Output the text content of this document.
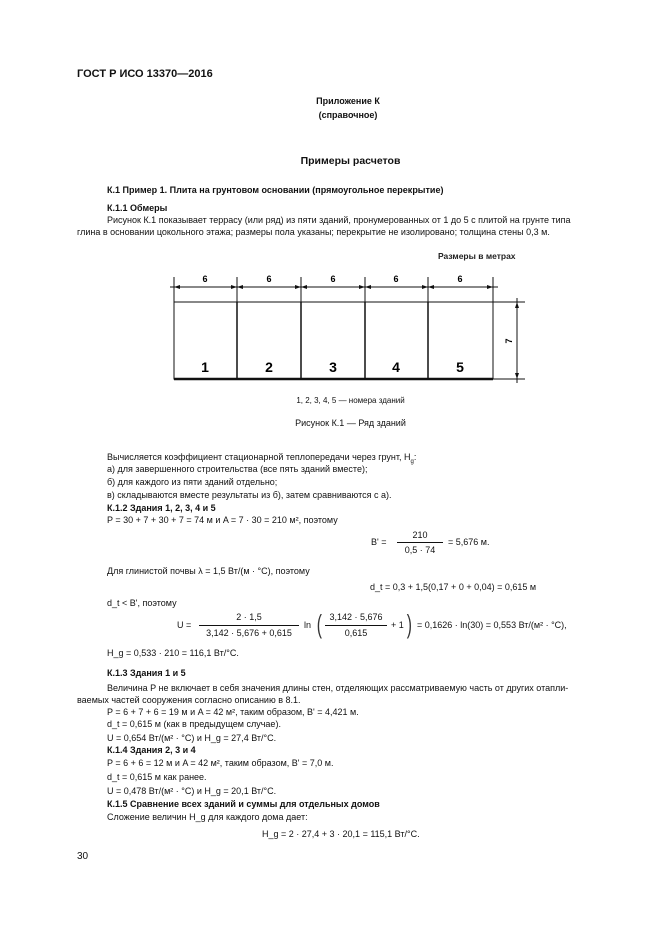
ГОСТ Р ИСО 13370—2016
Приложение К
(справочное)
Примеры расчетов
К.1 Пример 1. Плита на грунтовом основании (прямоугольное перекрытие)
К.1.1 Обмеры
Рисунок К.1 показывает террасу (или ряд) из пяти зданий, пронумерованных от 1 до 5 с плитой на грунте типа
глина в основании цокольного этажа; размеры пола указаны; перекрытие не изолировано; толщина стены 0,3 м.
Размеры в метрах
6	6	6	6	6
1	2	3	4	5
7
1, 2, 3, 4, 5 — номера зданий
Рисунок К.1 — Ряд зданий
Вычисляется коэффициент стационарной теплопередачи через грунт, $H_g$:
а) для завершенного строительства (все пять зданий вместе);
б) для каждого из пяти зданий отдельно;
в) складываются вместе результаты из б), затем сравниваются с а).
К.1.2 Здания 1, 2, 3, 4 и 5
P = 30 + 7 + 30 + 7 = 74 м и A = 7 · 30 = 210 м², поэтому
B' =
210
0,5 · 74
= 5,676 м.
Для глинистой почвы λ = 1,5 Вт/(м · °С), поэтому
d_t = 0,3 + 1,5(0,17 + 0 + 0,04) = 0,615 м
d_t < B', поэтому
U =
2 · 1,5
3,142 · 5,676 + 0,615
ln ( 3,142 · 5,676
0,615
+ 1 ) = 0,1626 · ln(30) = 0,553 Вт/(м² · °С),
H_g = 0,533 · 210 = 116,1 Вт/°С.
К.1.3 Здания 1 и 5
Величина P не включает в себя значения длины стен, отделяющих рассматриваемую часть от других отапли-
ваемых частей сооружения согласно описанию в 8.1.
P = 6 + 7 + 6 = 19 м и A = 42 м², таким образом, B' = 4,421 м.
d_t = 0,615 м (как в предыдущем случае).
U = 0,654 Вт/(м² · °С) и H_g = 27,4 Вт/°С.
К.1.4 Здания 2, 3 и 4
P = 6 + 6 = 12 м и A = 42 м², таким образом, B' = 7,0 м.
d_t = 0,615 м как ранее.
U = 0,478 Вт/(м² · °С) и H_g = 20,1 Вт/°С.
К.1.5 Сравнение всех зданий и суммы для отдельных домов
Сложение величин H_g для каждого дома дает:
H_g = 2 · 27,4 + 3 · 20,1 = 115,1 Вт/°С.
30
